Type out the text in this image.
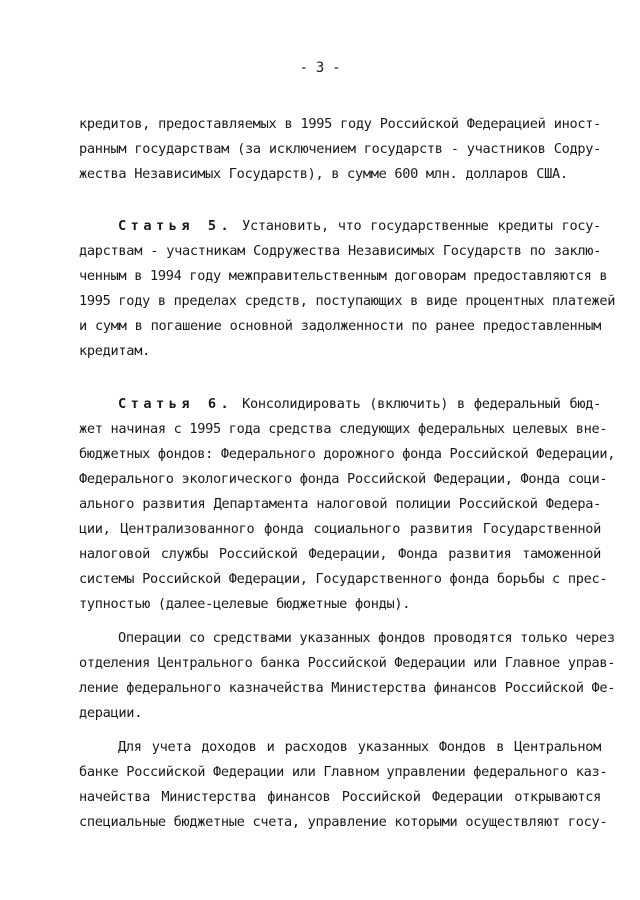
- 3 -
кредитов, предоставляемых в 1995 году Российской Федерацией иност-
ранным государствам (за исключением государств - участников Содру-
жества Независимых Государств), в сумме 600 млн. долларов США.
Статья 5. Установить, что государственные кредиты госу-
дарствам - участникам Содружества Независимых Государств по заклю-
ченным в 1994 году межправительственным договорам предоставляются в
1995 году в пределах средств, поступающих в виде процентных платежей
и сумм в погашение основной задолженности по ранее предоставленным
кредитам.
Статья 6. Консолидировать (включить) в федеральный бюд-
жет начиная с 1995 года средства следующих федеральных целевых вне-
бюджетных фондов: Федерального дорожного фонда Российской Федерации,
Федерального экологического фонда Российской Федерации, Фонда соци-
ального развития Департамента налоговой полиции Российской Федера-
ции, Централизованного фонда социального развития Государственной
налоговой службы Российской Федерации, Фонда развития таможенной
системы Российской Федерации, Государственного фонда борьбы с прес-
тупностью (далее-целевые бюджетные фонды).
Операции со средствами указанных фондов проводятся только через
отделения Центрального банка Российской Федерации или Главное управ-
ление федерального казначейства Министерства финансов Российской Фе-
дерации.
Для учета доходов и расходов указанных Фондов в Центральном
банке Российской Федерации или Главном управлении федерального каз-
начейства Министерства финансов Российской Федерации открываются
специальные бюджетные счета, управление которыми осуществляют госу-
